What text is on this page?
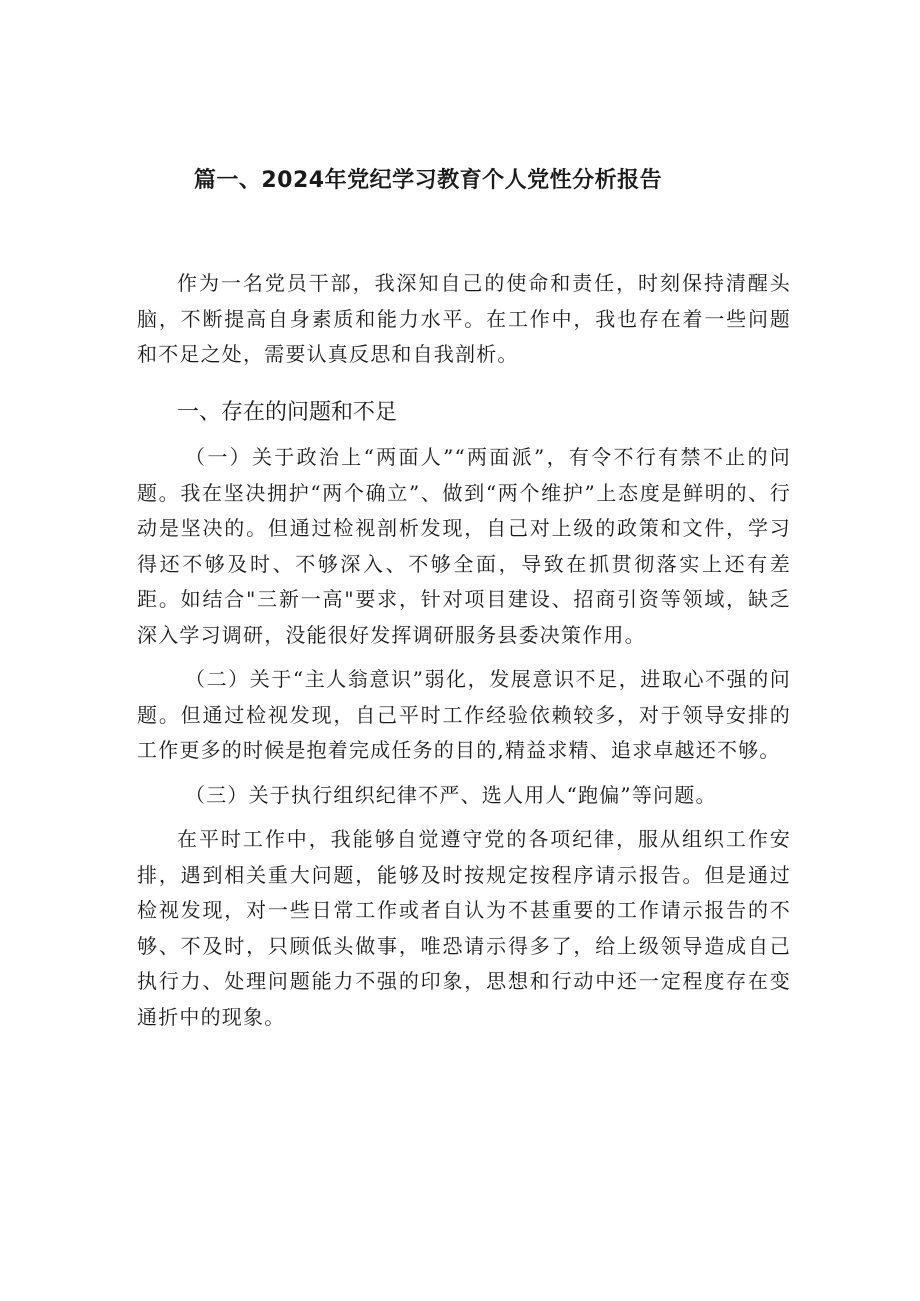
篇一、2024年党纪学习教育个人党性分析报告

作为一名党员干部，我深知自己的使命和责任，时刻保持清醒头脑，不断提高自身素质和能力水平。在工作中，我也存在着一些问题和不足之处，需要认真反思和自我剖析。

一、存在的问题和不足

（一）关于政治上“两面人”“两面派”，有令不行有禁不止的问题。我在坚决拥护“两个确立”、做到“两个维护”上态度是鲜明的、行动是坚决的。但通过检视剖析发现，自己对上级的政策和文件，学习得还不够及时、不够深入、不够全面，导致在抓贯彻落实上还有差距。如结合"三新一高"要求，针对项目建设、招商引资等领域，缺乏深入学习调研，没能很好发挥调研服务县委决策作用。

（二）关于“主人翁意识”弱化，发展意识不足，进取心不强的问题。但通过检视发现，自己平时工作经验依赖较多，对于领导安排的工作更多的时候是抱着完成任务的目的,精益求精、追求卓越还不够。

（三）关于执行组织纪律不严、选人用人“跑偏”等问题。

在平时工作中，我能够自觉遵守党的各项纪律，服从组织工作安排，遇到相关重大问题，能够及时按规定按程序请示报告。但是通过检视发现，对一些日常工作或者自认为不甚重要的工作请示报告的不够、不及时，只顾低头做事，唯恐请示得多了，给上级领导造成自己执行力、处理问题能力不强的印象，思想和行动中还一定程度存在变通折中的现象。
